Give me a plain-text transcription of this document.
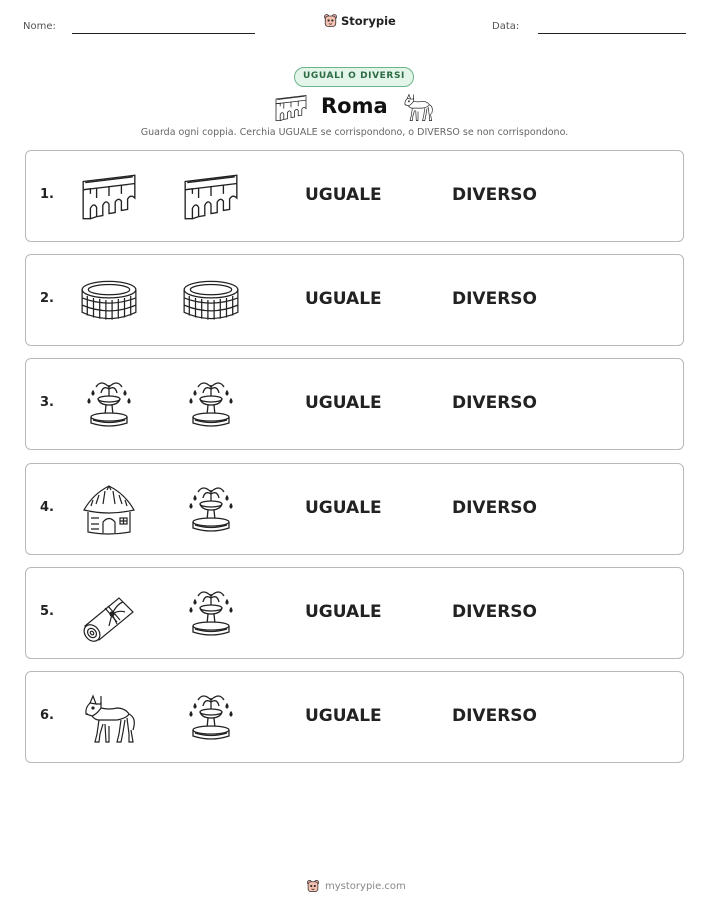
Nome:	Storypie	Data:
UGUALI O DIVERSI
Roma
Guarda ogni coppia. Cerchia UGUALE se corrispondono, o DIVERSO se non corrispondono.
1.	UGUALE	DIVERSO
2.	UGUALE	DIVERSO
3.	UGUALE	DIVERSO
4.	UGUALE	DIVERSO
5.	UGUALE	DIVERSO
6.	UGUALE	DIVERSO
mystorypie.com
